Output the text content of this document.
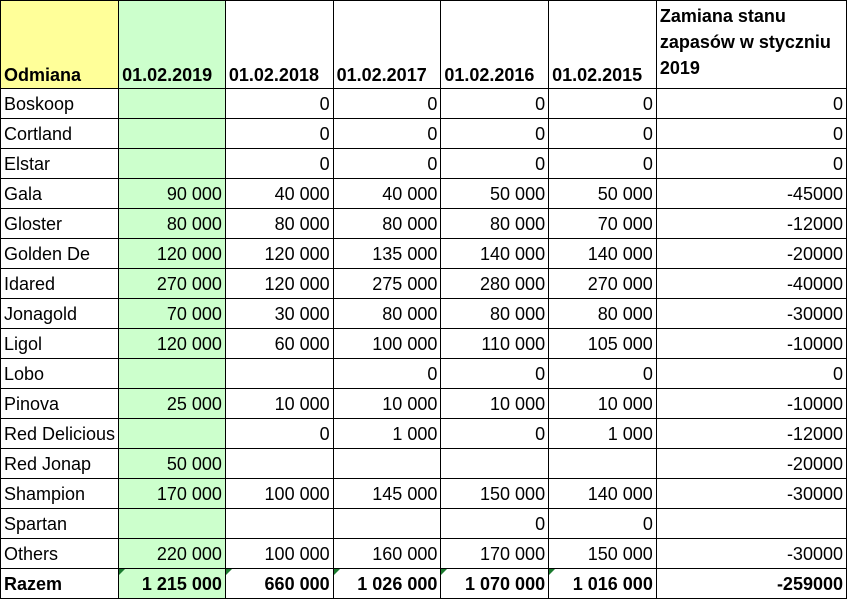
Odmiana	01.02.2019	01.02.2018	01.02.2017	01.02.2016	01.02.2015	Zamiana stanu zapasów w styczniu 2019
Boskoop		0	0	0	0	0
Cortland		0	0	0	0	0
Elstar		0	0	0	0	0
Gala	90 000	40 000	40 000	50 000	50 000	-45000
Gloster	80 000	80 000	80 000	80 000	70 000	-12000
Golden De	120 000	120 000	135 000	140 000	140 000	-20000
Idared	270 000	120 000	275 000	280 000	270 000	-40000
Jonagold	70 000	30 000	80 000	80 000	80 000	-30000
Ligol	120 000	60 000	100 000	110 000	105 000	-10000
Lobo			0	0	0	0
Pinova	25 000	10 000	10 000	10 000	10 000	-10000
Red Delicious		0	1 000	0	1 000	-12000
Red Jonap	50 000					-20000
Shampion	170 000	100 000	145 000	150 000	140 000	-30000
Spartan				0	0	
Others	220 000	100 000	160 000	170 000	150 000	-30000
Razem	1 215 000	660 000	1 026 000	1 070 000	1 016 000	-259000
